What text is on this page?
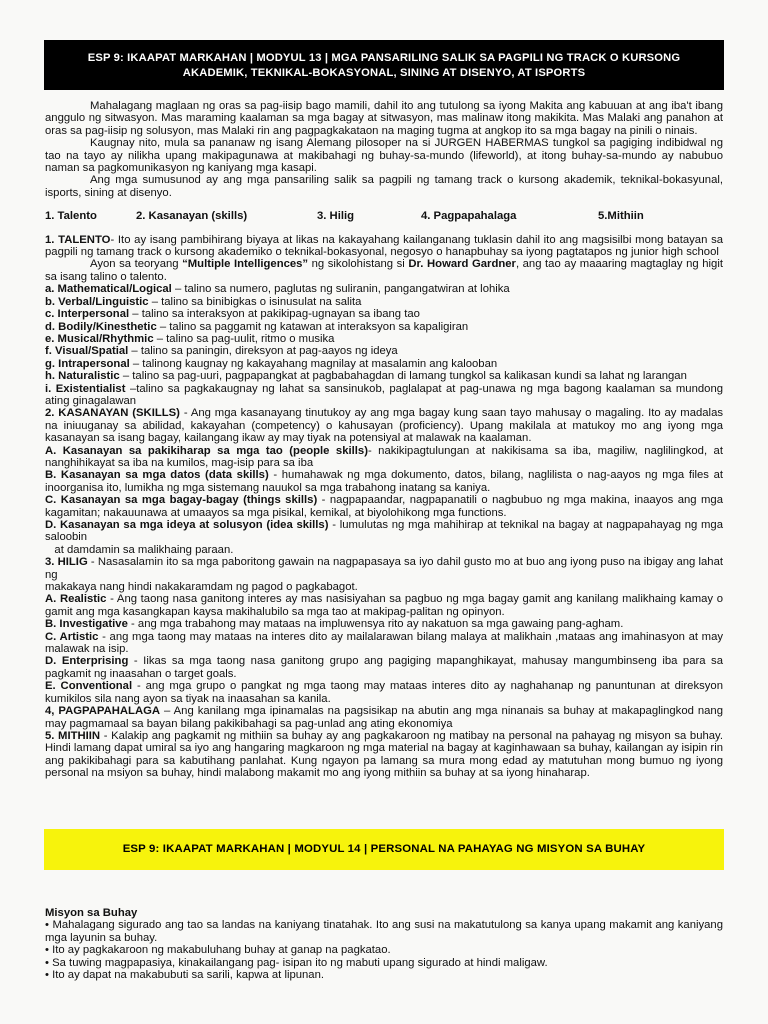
ESP 9: IKAAPAT MARKAHAN | MODYUL 13 | MGA PANSARILING SALIK SA PAGPILI NG TRACK O KURSONG
AKADEMIK, TEKNIKAL-BOKASYONAL, SINING AT DISENYO, AT ISPORTS

Mahalagang maglaan ng oras sa pag-iisip bago mamili, dahil ito ang tutulong sa iyong Makita ang kabuuan at ang iba't ibang anggulo ng sitwasyon. Mas maraming kaalaman sa mga bagay at sitwasyon, mas malinaw itong makikita. Mas Malaki ang panahon at oras sa pag-iisip ng solusyon, mas Malaki rin ang pagpagkakataon na maging tugma at angkop ito sa mga bagay na pinili o ninais.

Kaugnay nito, mula sa pananaw ng isang Alemang pilosoper na si JURGEN HABERMAS tungkol sa pagiging indibidwal ng tao na tayo ay nilikha upang makipagunawa at makibahagi ng buhay-sa-mundo (lifeworld), at itong buhay-sa-mundo ay nabubuo naman sa pagkomunikasyon ng kaniyang mga kasapi.

Ang mga sumusunod ay ang mga pansariling salik sa pagpili ng tamang track o kursong akademik, teknikal-bokasyunal, isports, sining at disenyo.

1. Talento	2. Kasanayan (skills)	3. Hilig	4. Pagpapahalaga	5.Mithiin

1. TALENTO- Ito ay isang pambihirang biyaya at likas na kakayahang kailanganang tuklasin dahil ito ang magsisilbi mong batayan sa pagpili ng tamang track o kursong akademiko o teknikal-bokasyonal, negosyo o hanapbuhay sa iyong pagtatapos ng junior high school

Ayon sa teoryang “Multiple Intelligences” ng sikolohistang si Dr. Howard Gardner, ang tao ay maaaring magtaglay ng higit sa isang talino o talento.

a. Mathematical/Logical – talino sa numero, paglutas ng suliranin, pangangatwiran at lohika

b. Verbal/Linguistic – talino sa binibigkas o isinusulat na salita

c. Interpersonal – talino sa interaksyon at pakikipag-ugnayan sa ibang tao

d. Bodily/Kinesthetic – talino sa paggamit ng katawan at interaksyon sa kapaligiran

e. Musical/Rhythmic – talino sa pag-uulit, ritmo o musika

f. Visual/Spatial – talino sa paningin, direksyon at pag-aayos ng ideya

g. Intrapersonal – talinong kaugnay ng kakayahang magnilay at masalamin ang kalooban

h. Naturalistic – talino sa pag-uuri, pagpapangkat at pagbabahagdan di lamang tungkol sa kalikasan kundi sa lahat ng larangan

i. Existentialist –talino sa pagkakaugnay ng lahat sa sansinukob, paglalapat at pag-unawa ng mga bagong kaalaman sa mundong ating ginagalawan

2. KASANAYAN (SKILLS) - Ang mga kasanayang tinutukoy ay ang mga bagay kung saan tayo mahusay o magaling. Ito ay madalas na iniuuganay sa abilidad, kakayahan (competency) o kahusayan (proficiency). Upang makilala at matukoy mo ang iyong mga kasanayan sa isang bagay, kailangang ikaw ay may tiyak na potensiyal at malawak na kaalaman.

A. Kasanayan sa pakikiharap sa mga tao (people skills)- nakikipagtulungan at nakikisama sa iba, magiliw, naglilingkod, at nanghihikayat sa iba na kumilos, mag-isip para sa iba

B. Kasanayan sa mga datos (data skills) - humahawak ng mga dokumento, datos, bilang, naglilista o nag-aayos ng mga files at inoorganisa ito, lumikha ng mga sistemang nauukol sa mga trabahong inatang sa kaniya.

C. Kasanayan sa mga bagay-bagay (things skills) - nagpapaandar, nagpapanatili o nagbubuo ng mga makina, inaayos ang mga kagamitan; nakauunawa at umaayos sa mga pisikal, kemikal, at biyolohikong mga functions.

D. Kasanayan sa mga ideya at solusyon (idea skills) - lumulutas ng mga mahihirap at teknikal na bagay at nagpapahayag ng mga saloobin

at damdamin sa malikhaing paraan.

3. HILIG - Nasasalamin ito sa mga paboritong gawain na nagpapasaya sa iyo dahil gusto mo at buo ang iyong puso na ibigay ang lahat ng

makakaya nang hindi nakakaramdam ng pagod o pagkabagot.

A. Realistic - Ang taong nasa ganitong interes ay mas nasisiyahan sa pagbuo ng mga bagay gamit ang kanilang malikhaing kamay o gamit ang mga kasangkapan kaysa makihalubilo sa mga tao at makipag-palitan ng opinyon.

B. Investigative - ang mga trabahong may mataas na impluwensya rito ay nakatuon sa mga gawaing pang-agham.

C. Artistic - ang mga taong may mataas na interes dito ay mailalarawan bilang malaya at malikhain ,mataas ang imahinasyon at may malawak na isip.

D. Enterprising - Iikas sa mga taong nasa ganitong grupo ang pagiging mapanghikayat, mahusay mangumbinseng iba para sa pagkamit ng inaasahan o target goals.

E. Conventional - ang mga grupo o pangkat ng mga taong may mataas interes dito ay naghahanap ng panuntunan at direksyon kumikilos sila nang ayon sa tiyak na inaasahan sa kanila.

4, PAGPAPAHALAGA – Ang kanilang mga ipinamalas na pagsisikap na abutin ang mga ninanais sa buhay at makapaglingkod nang may pagmamaal sa bayan bilang pakikibahagi sa pag-unlad ang ating ekonomiya

5. MITHIIN - Kalakip ang pagkamit ng mithiin sa buhay ay ang pagkakaroon ng matibay na personal na pahayag ng misyon sa buhay. Hindi lamang dapat umiral sa iyo ang hangaring magkaroon ng mga material na bagay at kaginhawaan sa buhay, kailangan ay isipin rin ang pakikibahagi para sa kabutihang panlahat. Kung ngayon pa lamang sa mura mong edad ay matutuhan mong bumuo ng iyong personal na msiyon sa buhay, hindi malabong makamit mo ang iyong mithiin sa buhay at sa iyong hinaharap.

ESP 9: IKAAPAT MARKAHAN | MODYUL 14 | PERSONAL NA PAHAYAG NG MISYON SA BUHAY

Misyon sa Buhay

• Mahalagang sigurado ang tao sa landas na kaniyang tinatahak. Ito ang susi na makatutulong sa kanya upang makamit ang kaniyang mga layunin sa buhay.

• Ito ay pagkakaroon ng makabuluhang buhay at ganap na pagkatao.

• Sa tuwing magpapasiya, kinakailangang pag- isipan ito ng mabuti upang sigurado at hindi maligaw.

• Ito ay dapat na makabubuti sa sarili, kapwa at lipunan.
